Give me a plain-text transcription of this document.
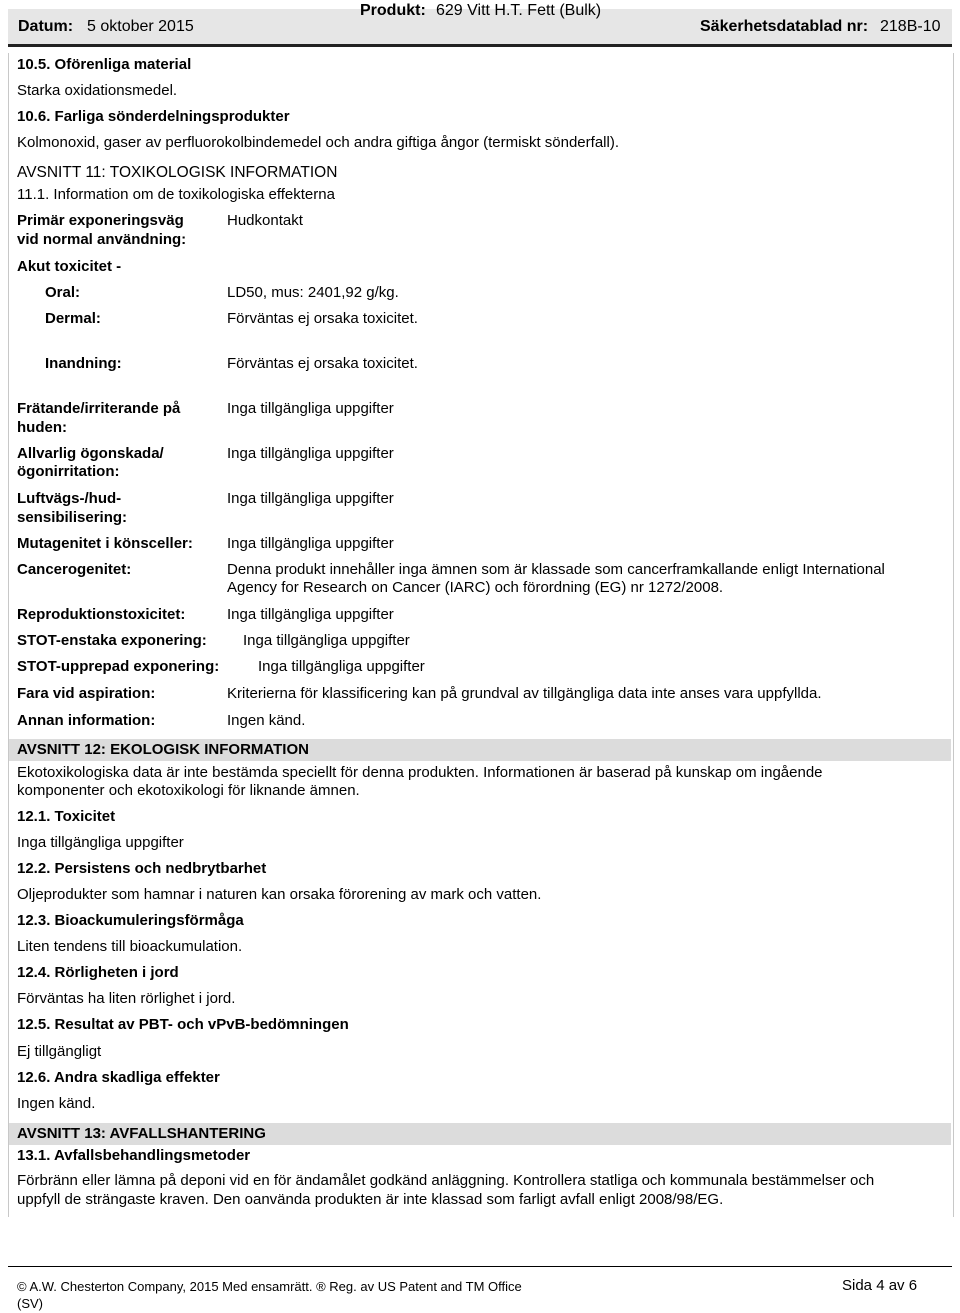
Datum: 5 oktober 2015
Produkt: 629 Vitt H.T. Fett (Bulk)
Säkerhetsdatablad nr: 218B-10
10.5. Oförenliga material
Starka oxidationsmedel.
10.6. Farliga sönderdelningsprodukter
Kolmonoxid, gaser av perfluorokolbindemedel och andra giftiga ångor (termiskt sönderfall).
AVSNITT 11: TOXIKOLOGISK INFORMATION
11.1. Information om de toxikologiska effekterna
Primär exponeringsväg
vid normal användning:
Hudkontakt
Akut toxicitet -
Oral:	LD50, mus: 2401,92 g/kg.
Dermal:	Förväntas ej orsaka toxicitet.
Inandning:	Förväntas ej orsaka toxicitet.
Frätande/irriterande på
huden:
Inga tillgängliga uppgifter
Allvarlig ögonskada/
ögonirritation:
Inga tillgängliga uppgifter
Luftvägs-/hud-
sensibilisering:
Inga tillgängliga uppgifter
Mutagenitet i könsceller: Inga tillgängliga uppgifter
Cancerogenitet:	Denna produkt innehåller inga ämnen som är klassade som cancerframkallande enligt International
Agency for Research on Cancer (IARC) och förordning (EG) nr 1272/2008.
Reproduktionstoxicitet:	Inga tillgängliga uppgifter
STOT-enstaka exponering: Inga tillgängliga uppgifter
STOT-upprepad exponering:	Inga tillgängliga uppgifter
Fara vid aspiration:	Kriterierna för klassificering kan på grundval av tillgängliga data inte anses vara uppfyllda.
Annan information:	Ingen känd.
AVSNITT 12: EKOLOGISK INFORMATION
Ekotoxikologiska data är inte bestämda speciellt för denna produkten. Informationen är baserad på kunskap om ingående
komponenter och ekotoxikologi för liknande ämnen.
12.1. Toxicitet
Inga tillgängliga uppgifter
12.2. Persistens och nedbrytbarhet
Oljeprodukter som hamnar i naturen kan orsaka förorening av mark och vatten.
12.3. Bioackumuleringsförmåga
Liten tendens till bioackumulation.
12.4. Rörligheten i jord
Förväntas ha liten rörlighet i jord.
12.5. Resultat av PBT- och vPvB-bedömningen
Ej tillgängligt
12.6. Andra skadliga effekter
Ingen känd.
AVSNITT 13: AVFALLSHANTERING
13.1. Avfallsbehandlingsmetoder
Förbränn eller lämna på deponi vid en för ändamålet godkänd anläggning. Kontrollera statliga och kommunala bestämmelser och
uppfyll de strängaste kraven. Den oanvända produkten är inte klassad som farligt avfall enligt 2008/98/EG.
© A.W. Chesterton Company, 2015 Med ensamrätt. ® Reg. av US Patent and TM Office
(SV)
Sida 4 av 6
